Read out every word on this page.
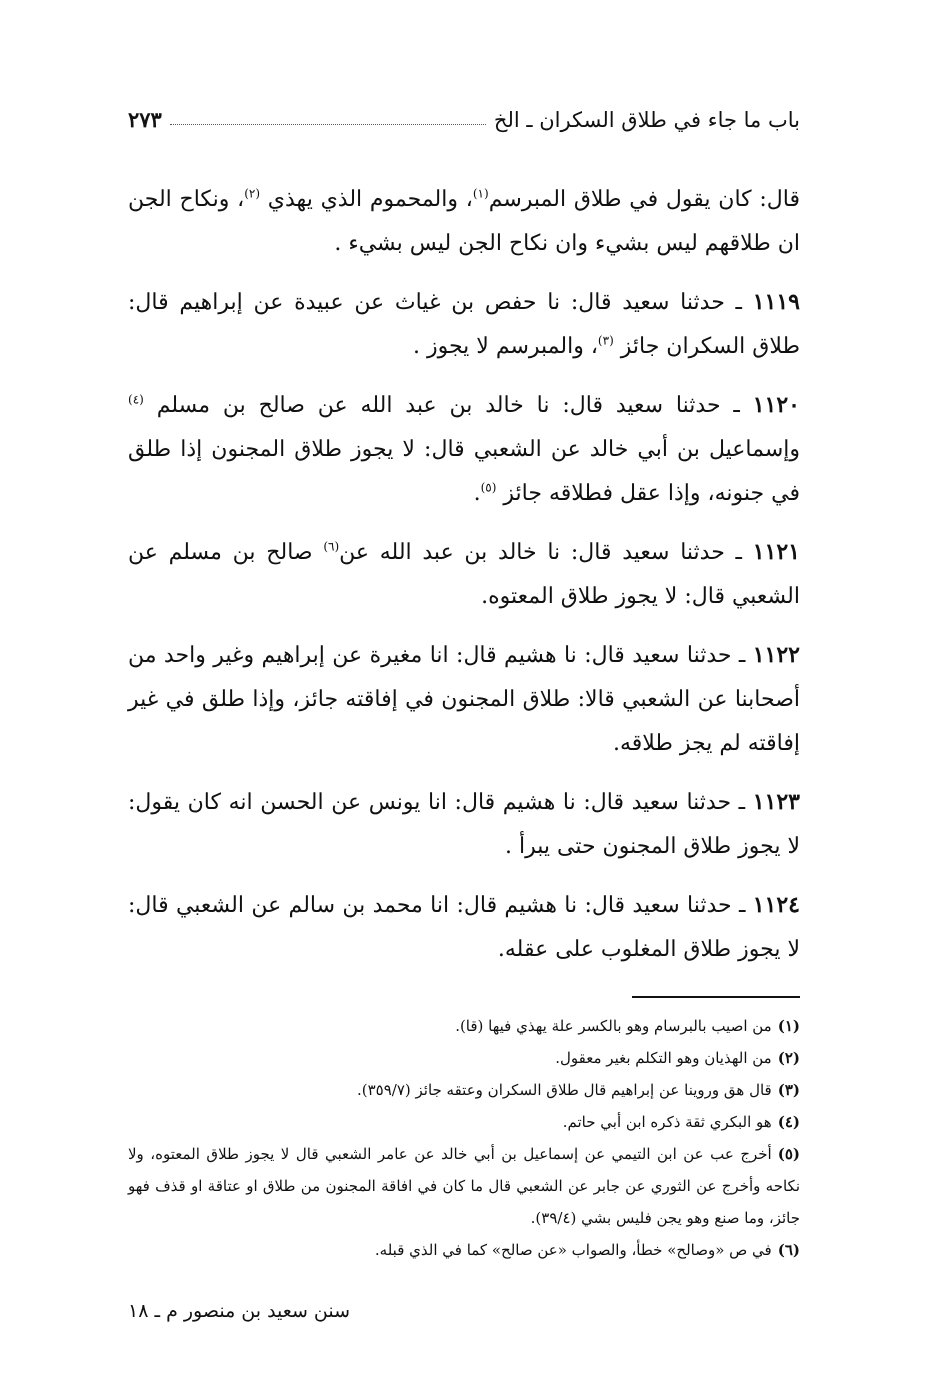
باب ما جاء في طلاق السكران ـ الخ
٢٧٣

قال: كان يقول في طلاق المبرسم$^{(١)}$، والمحموم الذي يهذي $^{(٢)}$، ونكاح الجن ان طلاقهم ليس بشيء وان نكاح الجن ليس بشيء .

١١١٩ ـ حدثنا سعيد قال: نا حفص بن غياث عن عبيدة عن إبراهيم قال: طلاق السكران جائز $^{(٣)}$، والمبرسم لا يجوز .

١١٢٠ ـ حدثنا سعيد قال: نا خالد بن عبد الله عن صالح بن مسلم $^{(٤)}$ وإسماعيل بن أبي خالد عن الشعبي قال: لا يجوز طلاق المجنون إذا طلق في جنونه، وإذا عقل فطلاقه جائز $^{(٥)}$.

١١٢١ ـ حدثنا سعيد قال: نا خالد بن عبد الله عن$^{(٦)}$ صالح بن مسلم عن الشعبي قال: لا يجوز طلاق المعتوه.

١١٢٢ ـ حدثنا سعيد قال: نا هشيم قال: انا مغيرة عن إبراهيم وغير واحد من أصحابنا عن الشعبي قالا: طلاق المجنون في إفاقته جائز، وإذا طلق في غير إفاقته لم يجز طلاقه.

١١٢٣ ـ حدثنا سعيد قال: نا هشيم قال: انا يونس عن الحسن انه كان يقول: لا يجوز طلاق المجنون حتى يبرأ .

١١٢٤ ـ حدثنا سعيد قال: نا هشيم قال: انا محمد بن سالم عن الشعبي قال: لا يجوز طلاق المغلوب على عقله.

(١)من اصيب بالبرسام وهو بالكسر علة يهذي فيها (قا).
(٢)من الهذيان وهو التكلم بغير معقول.
(٣)قال هق وروينا عن إبراهيم قال طلاق السكران وعتقه جائز (٣٥٩/٧).
(٤)هو البكري ثقة ذكره ابن أبي حاتم.
(٥)أخرج عب عن ابن التيمي عن إسماعيل بن أبي خالد عن عامر الشعبي قال لا يجوز طلاق المعتوه، ولا نكاحه وأخرج عن الثوري عن جابر عن الشعبي قال ما كان في افاقة المجنون من طلاق او عتاقة او قذف فهو جائز، وما صنع وهو يجن فليس بشي (٣٩/٤).
(٦)في ص «وصالح» خطأ، والصواب «عن صالح» كما في الذي قبله.
سنن سعيد بن منصور م ـ ١٨
